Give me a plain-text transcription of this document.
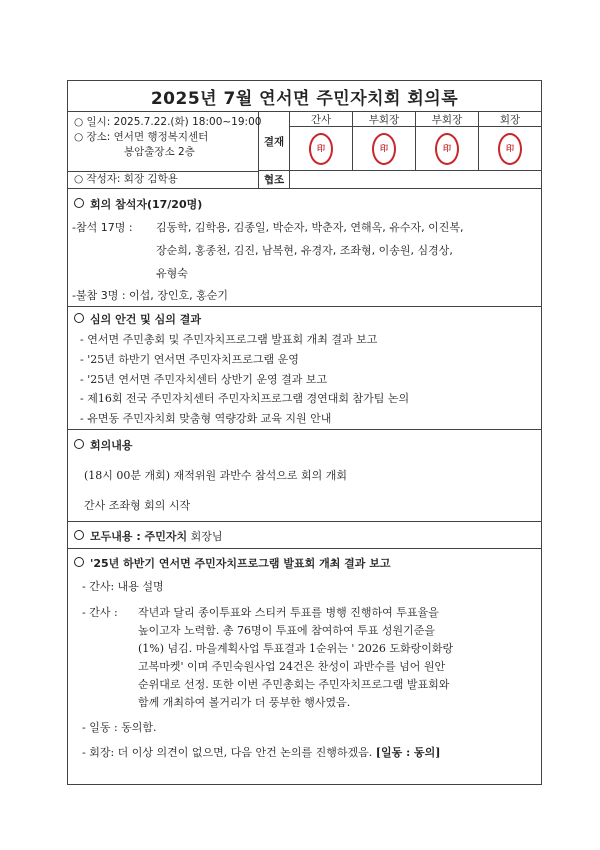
2025년 7월 연서면 주민자치회 회의록
○ 일시: 2025.7.22.(화) 18:00~19:00
○ 장소: 연서면 행정복지센터
봉암출장소 2층
○ 작성자: 회장 김학용
결재
간사
印
부회장
印
부회장
印
회장
印
협조
회의 참석자(17/20명)
-참석 17명 : 김동학, 김학용, 김종일, 박순자, 박춘자, 연해옥, 유수자, 이진복,
장순희, 홍종천, 김진, 남복현, 유경자, 조좌형, 이송원, 심경상,
유형숙
-불참 3명 : 이섭, 장인호, 홍순기
심의 안건 및 심의 결과
- 연서면 주민총회 및 주민자치프로그램 발표회 개최 결과 보고
- '25년 하반기 연서면 주민자치프로그램 운영
- '25년 연서면 주민자치센터 상반기 운영 결과 보고
- 제16회 전국 주민자치센터 주민자치프로그램 경연대회 참가팀 논의
- 유면동 주민자치회 맞춤형 역량강화 교육 지원 안내
회의내용
(18시 00분 개회) 재적위원 과반수 참석으로 회의 개회
간사 조좌형 회의 시작
모두내용 : 주민자치 회장님
'25년 하반기 연서면 주민자치프로그램 발표회 개최 결과 보고
- 간사: 내용 설명
- 간사 : 작년과 달리 종이투표와 스티커 투표를 병행 진행하여 투표율을
높이고자 노력함. 총 76명이 투표에 참여하여 투표 성원기준을
(1%) 넘김. 마을계획사업 투표결과 1순위는 ' 2026 도화랑이화랑
고복마켓' 이며 주민숙원사업 24건은 찬성이 과반수를 넘어 원안
순위대로 선정. 또한 이번 주민총회는 주민자치프로그램 발표회와
함께 개최하여 볼거리가 더 풍부한 행사였음.
- 일동 : 동의함.
- 회장: 더 이상 의견이 없으면, 다음 안건 논의를 진행하겠음. [일동 : 동의]
